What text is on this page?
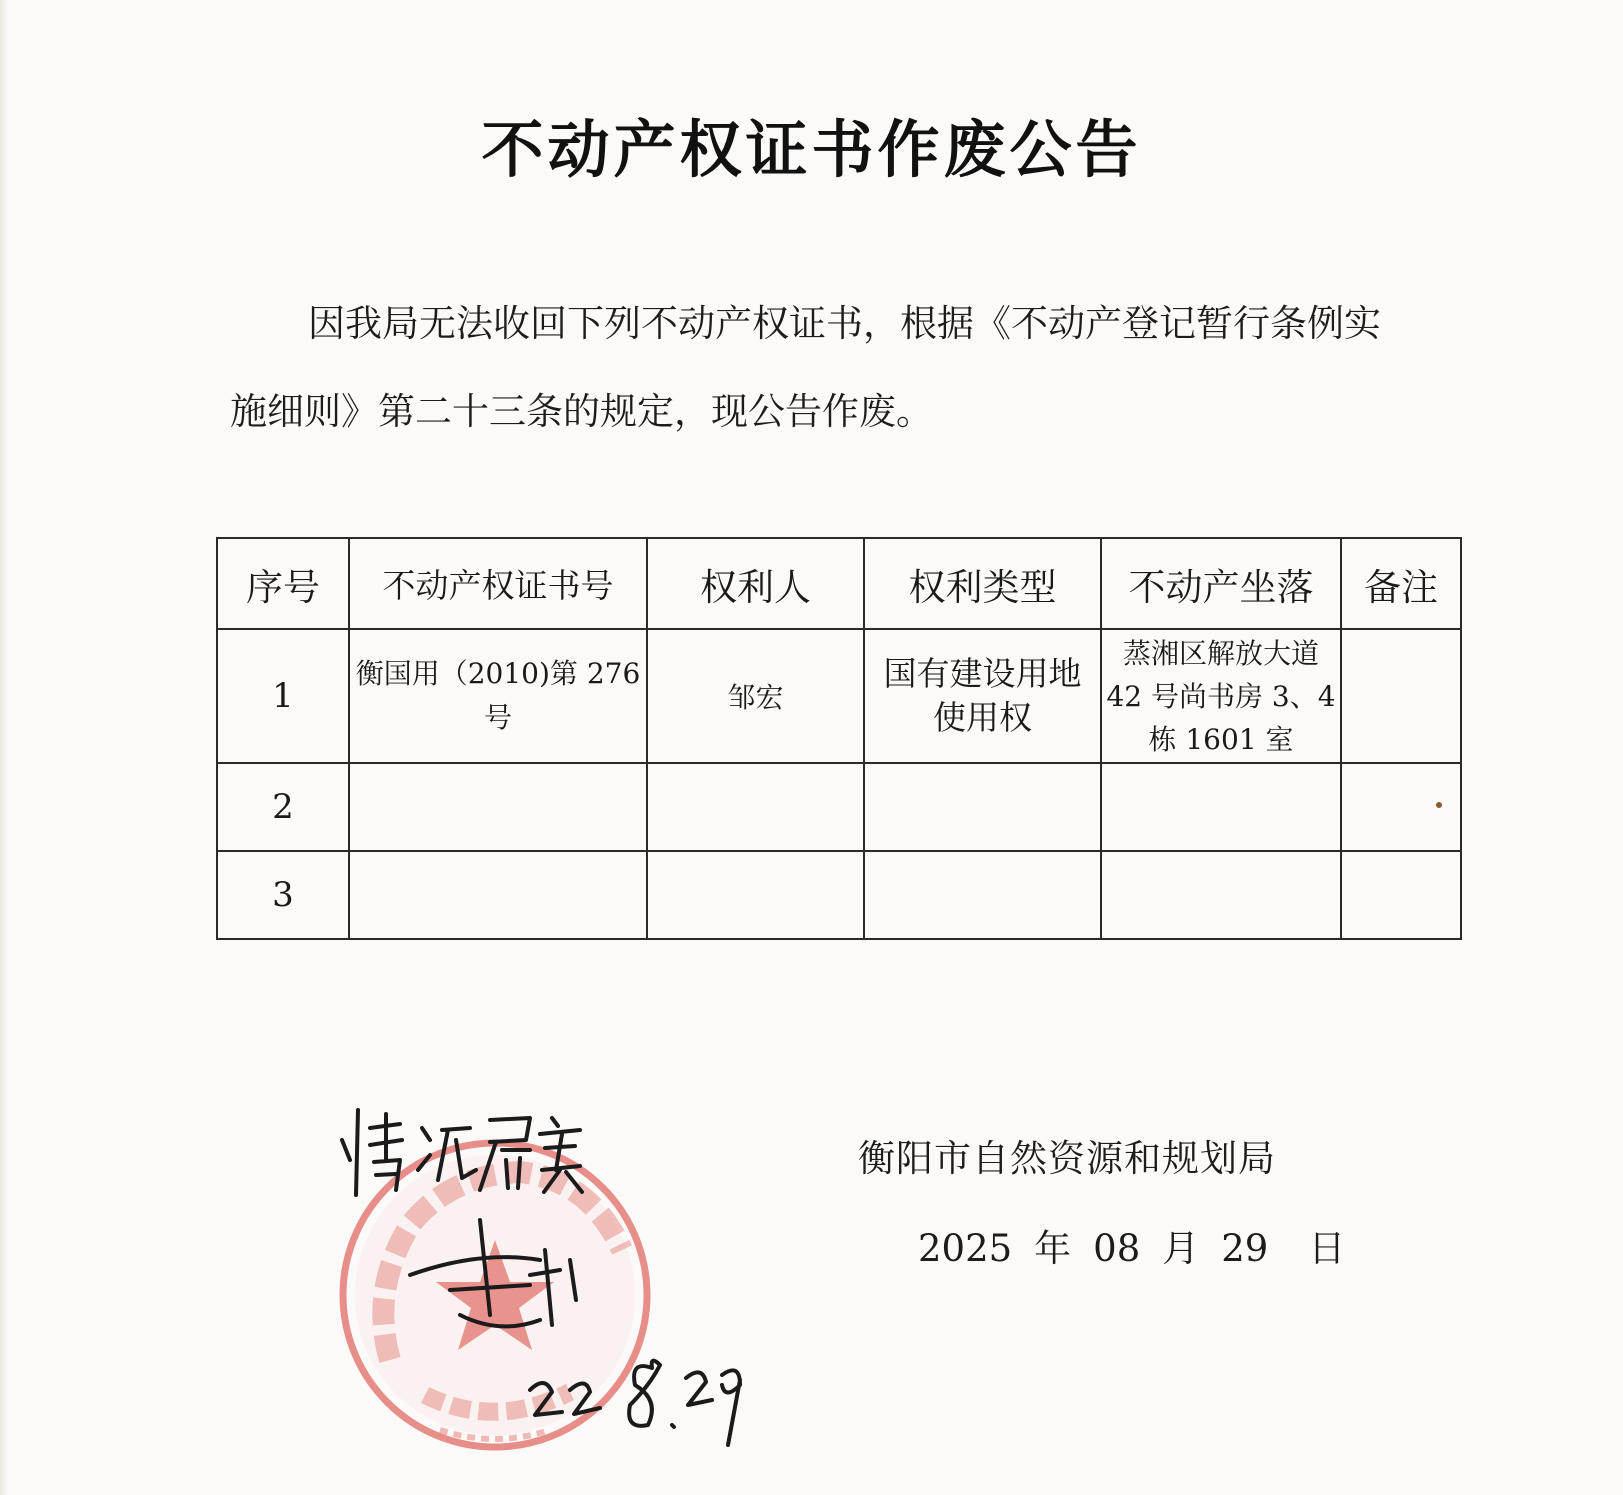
不动产权证书作废公告
因我局无法收回下列不动产权证书，根据《不动产登记暂行条例实施细则》第二十三条的规定，现公告作废。
序号	不动产权证书号	权利人	权利类型	不动产坐落	备注
1	衡国用（2010)第 276 号	邹宏	国有建设用地使用权	蒸湘区解放大道 42 号尚书房 3、4 栋 1601 室	
2					
3					
衡阳市自然资源和规划局
2025 年 08 月 29 日
